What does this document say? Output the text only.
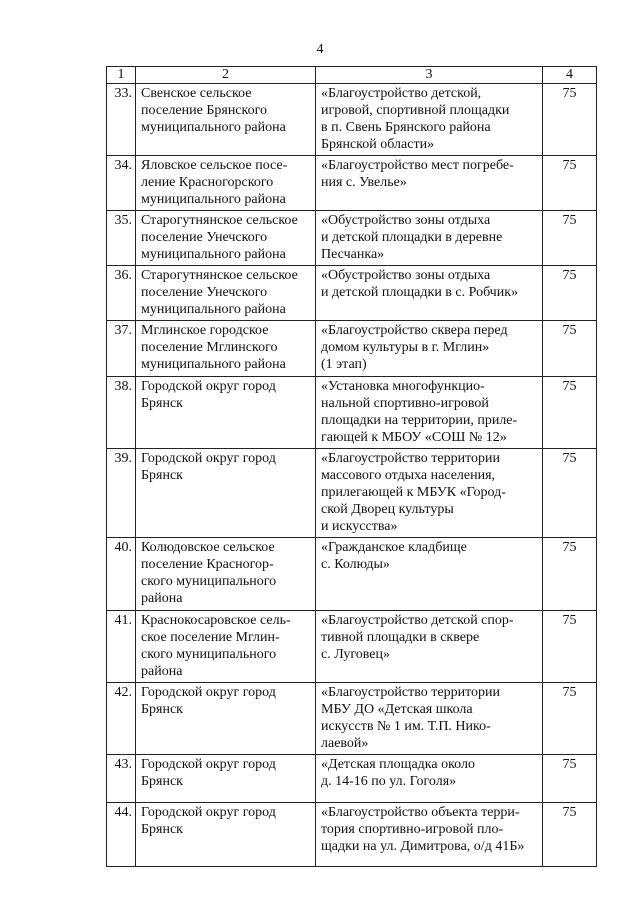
4
1	2	3	4
33.	Свенское сельское
поселение Брянского
муниципального района	«Благоустройство детской,
игровой, спортивной площадки
в п. Свень Брянского района
Брянской области»	75
34.	Яловское сельское посе-
ление Красногорского
муниципального района	«Благоустройство мест погребе-
ния с. Увелье»	75
35.	Старогутнянское сельское
поселение Унечского
муниципального района	«Обустройство зоны отдыха
и детской площадки в деревне
Песчанка»	75
36.	Старогутнянское сельское
поселение Унечского
муниципального района	«Обустройство зоны отдыха
и детской площадки в с. Робчик»	75
37.	Мглинское городское
поселение Мглинского
муниципального района	«Благоустройство сквера перед
домом культуры в г. Мглин»
(1 этап)	75
38.	Городской округ город
Брянск	«Установка многофункцио-
нальной спортивно-игровой
площадки на территории, приле-
гающей к МБОУ «СОШ № 12»	75
39.	Городской округ город
Брянск	«Благоустройство территории
массового отдыха населения,
прилегающей к МБУК «Город-
ской Дворец культуры
и искусства»	75
40.	Колюдовское сельское
поселение Красногор-
ского муниципального
района	«Гражданское кладбище
с. Колюды»	75
41.	Краснокосаровское сель-
ское поселение Мглин-
ского муниципального
района	«Благоустройство детской спор-
тивной площадки в сквере
с. Луговец»	75
42.	Городской округ город
Брянск	«Благоустройство территории
МБУ ДО «Детская школа
искусств № 1 им. Т.П. Нико-
лаевой»	75
43.	Городской округ город
Брянск	«Детская площадка около
д. 14-16 по ул. Гоголя»	75
44.	Городской округ город
Брянск	«Благоустройство объекта терри-
тория спортивно-игровой пло-
щадки на ул. Димитрова, о/д 41Б»	75
